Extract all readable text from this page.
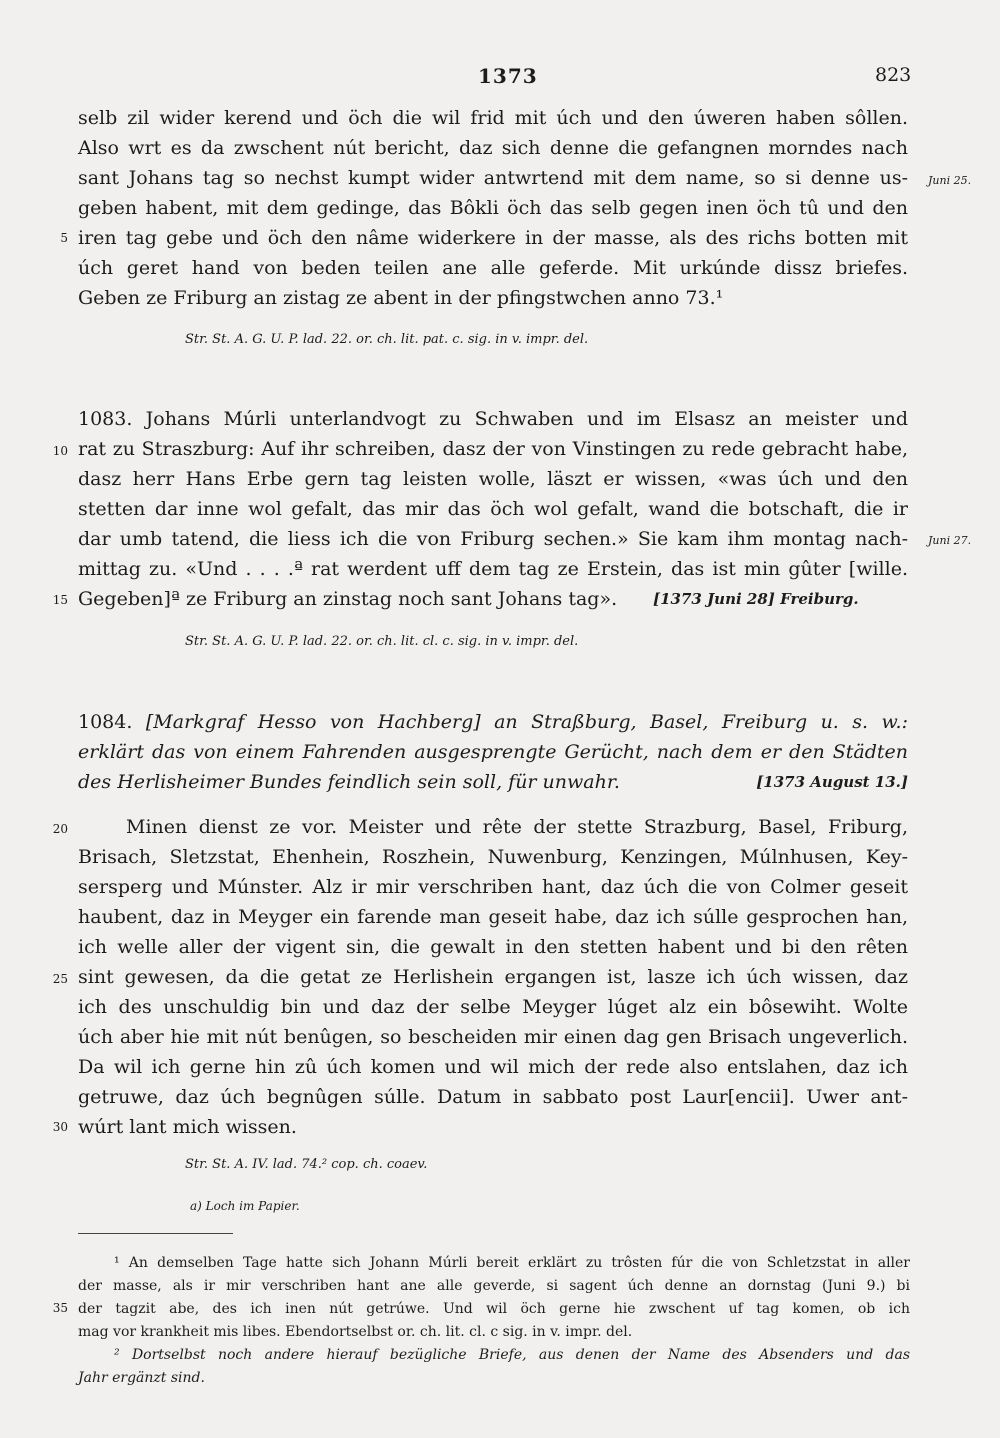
1373	823
selb zil wider kerend und öch die wil frid mit úch und den úweren haben sôllen.
Also wrt es da zwschent nút bericht, daz sich denne die gefangnen morndes nach
sant Johans tag so nechst kumpt wider antwrtend mit dem name, so si denne us- Juni 25.
geben habent, mit dem gedinge, das Bôkli öch das selb gegen inen öch tû und den
5 iren tag gebe und öch den nâme widerkere in der masse, als des richs botten mit
úch geret hand von beden teilen ane alle geferde. Mit urkúnde dissz briefes.
Geben ze Friburg an zistag ze abent in der pfingstwchen anno 73.¹
Str. St. A. G. U. P. lad. 22. or. ch. lit. pat. c. sig. in v. impr. del.
1083. Johans Múrli unterlandvogt zu Schwaben und im Elsasz an meister und
10 rat zu Straszburg: Auf ihr schreiben, dasz der von Vinstingen zu rede gebracht habe,
dasz herr Hans Erbe gern tag leisten wolle, läszt er wissen, «was úch und den
stetten dar inne wol gefalt, das mir das öch wol gefalt, wand die botschaft, die ir
dar umb tatend, die liess ich die von Friburg sechen.» Sie kam ihm montag nach- Juni 27.
mittag zu. «Und . . . .ª rat werdent uff dem tag ze Erstein, das ist min gûter [wille.
15 Gegeben]ª ze Friburg an zinstag noch sant Johans tag».	[1373 Juni 28] Freiburg.
Str. St. A. G. U. P. lad. 22. or. ch. lit. cl. c. sig. in v. impr. del.
1084. [Markgraf Hesso von Hachberg] an Straßburg, Basel, Freiburg u. s. w.:
erklärt das von einem Fahrenden ausgesprengte Gerücht, nach dem er den Städten
des Herlisheimer Bundes feindlich sein soll, für unwahr.	[1373 August 13.]
20	Minen dienst ze vor. Meister und rête der stette Strazburg, Basel, Friburg,
Brisach, Sletzstat, Ehenhein, Roszhein, Nuwenburg, Kenzingen, Múlnhusen, Key-
sersperg und Múnster. Alz ir mir verschriben hant, daz úch die von Colmer geseit
haubent, daz in Meyger ein farende man geseit habe, daz ich súlle gesprochen han,
ich welle aller der vigent sin, die gewalt in den stetten habent und bi den rêten
25 sint gewesen, da die getat ze Herlishein ergangen ist, lasze ich úch wissen, daz
ich des unschuldig bin und daz der selbe Meyger lúget alz ein bôsewiht. Wolte
úch aber hie mit nút benûgen, so bescheiden mir einen dag gen Brisach ungeverlich.
Da wil ich gerne hin zû úch komen und wil mich der rede also entslahen, daz ich
getruwe, daz úch begnûgen súlle. Datum in sabbato post Laur[encii]. Uwer ant-
30 wúrt lant mich wissen.
Str. St. A. IV. lad. 74.² cop. ch. coaev.
a) Loch im Papier.
¹ An demselben Tage hatte sich Johann Múrli bereit erklärt zu trôsten fúr die von Schletzstat in aller
der masse, als ir mir verschriben hant ane alle geverde, si sagent úch denne an dornstag (Juni 9.) bi
35 der tagzit abe, des ich inen nút getrúwe. Und wil öch gerne hie zwschent uf tag komen, ob ich
mag vor krankheit mis libes. Ebendortselbst or. ch. lit. cl. c sig. in v. impr. del.
² Dortselbst noch andere hierauf bezügliche Briefe, aus denen der Name des Absenders und das
Jahr ergänzt sind.
